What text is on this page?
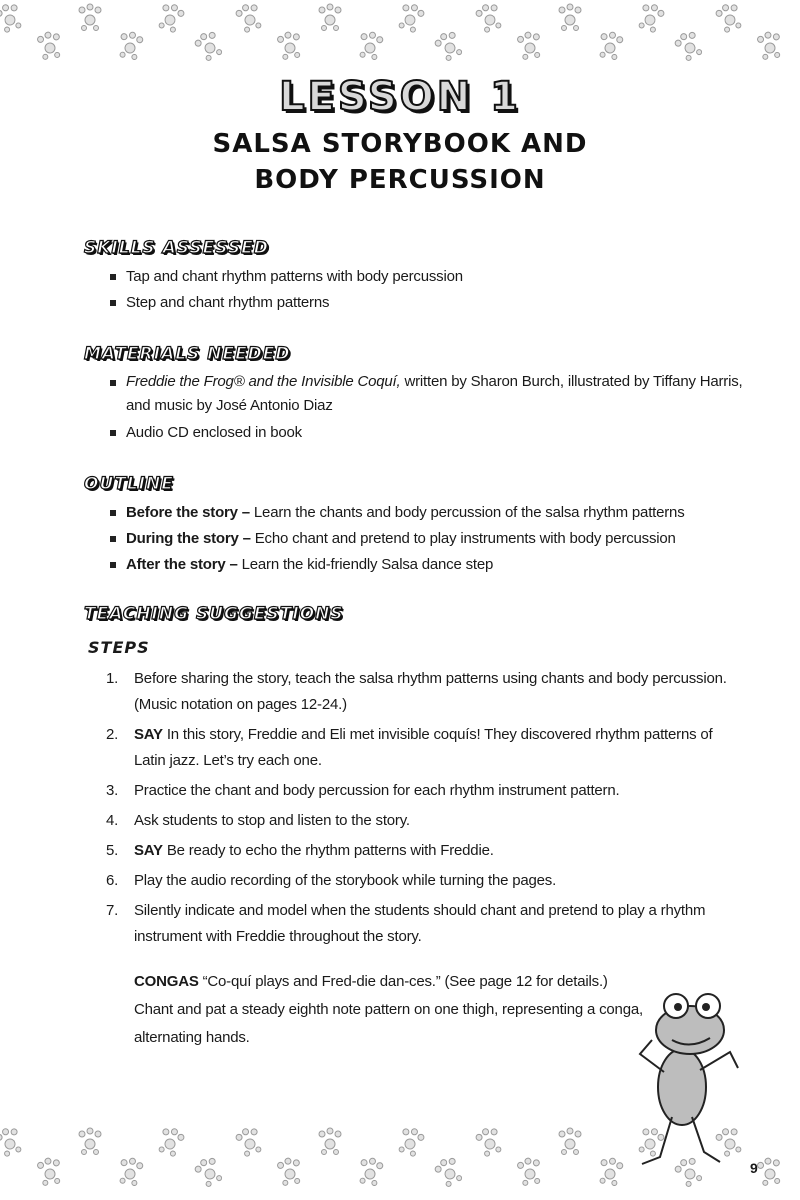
LESSON 1
SALSA STORYBOOK AND
BODY PERCUSSION
SKILLS ASSESSED
Tap and chant rhythm patterns with body percussion
Step and chant rhythm patterns
MATERIALS NEEDED
Freddie the Frog® and the Invisible Coquí, written by Sharon Burch, illustrated by Tiffany Harris, and music by José Antonio Diaz
Audio CD enclosed in book
OUTLINE
Before the story – Learn the chants and body percussion of the salsa rhythm patterns
During the story – Echo chant and pretend to play instruments with body percussion
After the story – Learn the kid-friendly Salsa dance step
TEACHING SUGGESTIONS
STEPS
1. Before sharing the story, teach the salsa rhythm patterns using chants and body percussion. (Music notation on pages 12-24.)
2. SAY In this story, Freddie and Eli met invisible coquís! They discovered rhythm patterns of Latin jazz. Let’s try each one.
3. Practice the chant and body percussion for each rhythm instrument pattern.
4. Ask students to stop and listen to the story.
5. SAY Be ready to echo the rhythm patterns with Freddie.
6. Play the audio recording of the storybook while turning the pages.
7. Silently indicate and model when the students should chant and pretend to play a rhythm instrument with Freddie throughout the story.
CONGAS “Co-quí plays and Fred-die dan-ces.” (See page 12 for details.)
Chant and pat a steady eighth note pattern on one thigh, representing a conga, alternating hands.
9
